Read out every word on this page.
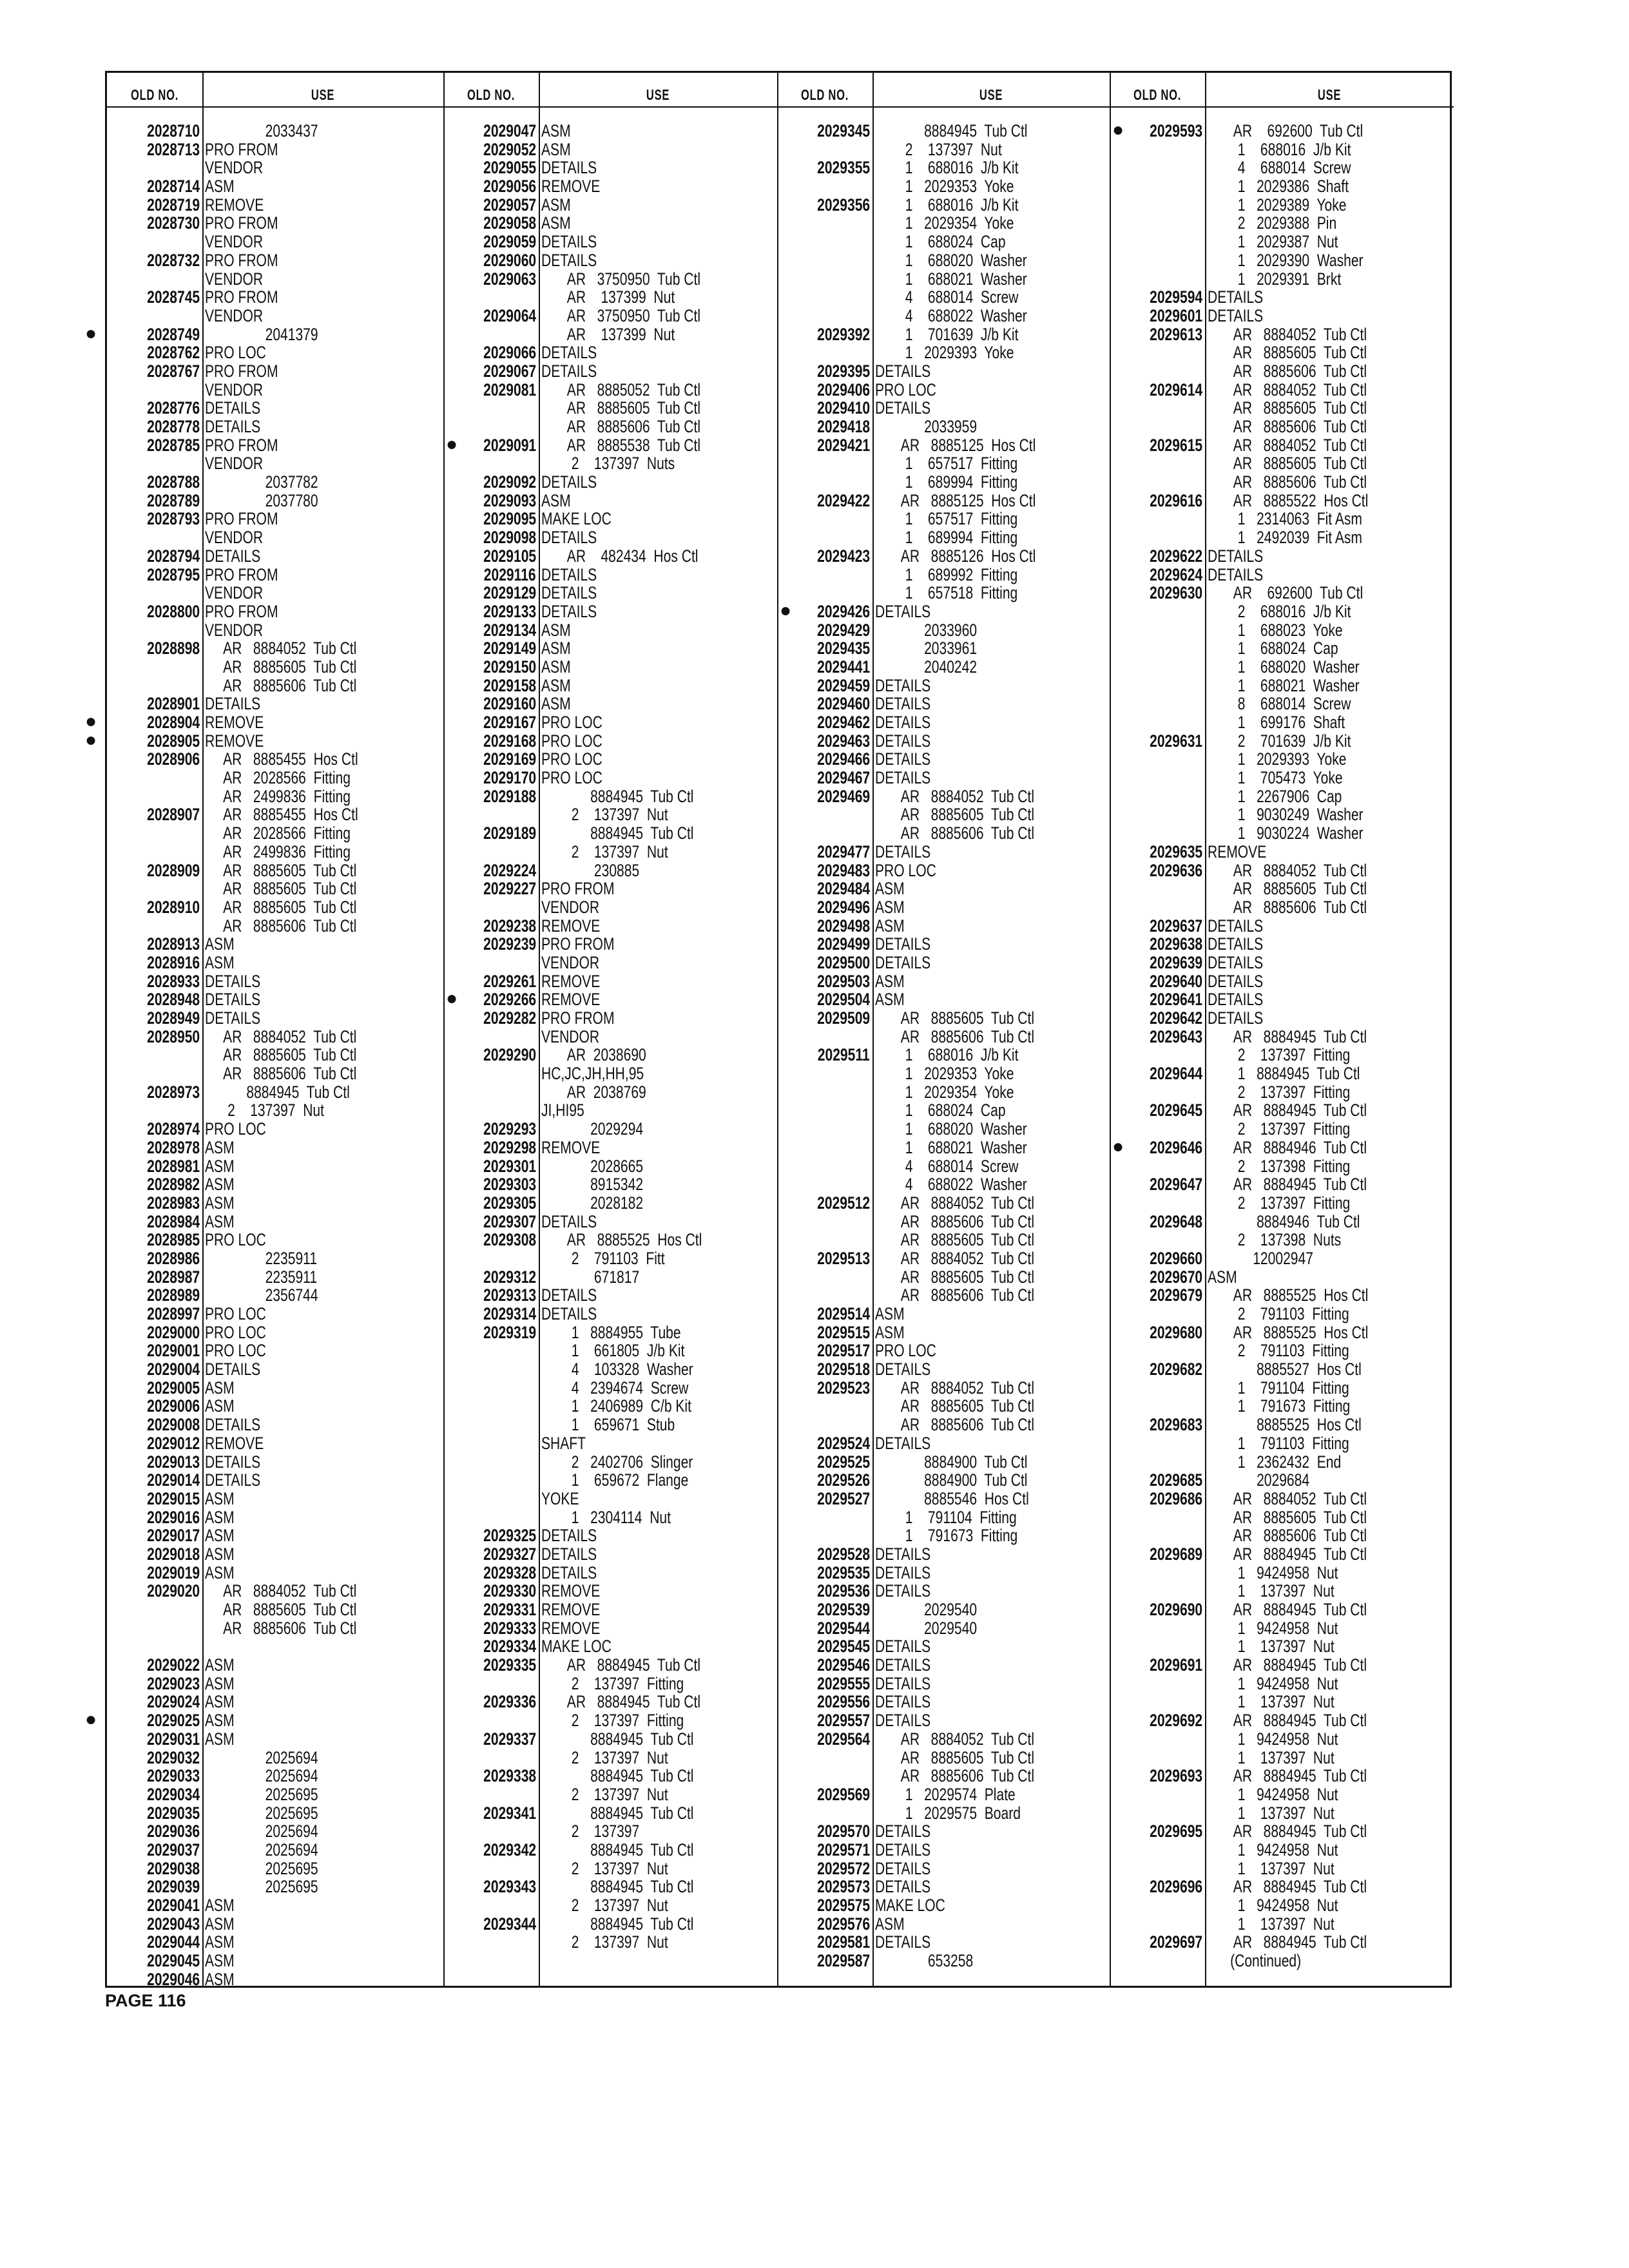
OLD NO.	USE
2028710 2033437
2028713 PRO FROM
VENDOR
2028714 ASM
2028719 REMOVE
2028730 PRO FROM
VENDOR
2028732 PRO FROM
VENDOR
2028745 PRO FROM
VENDOR
●	2028749 2041379
2028762 PRO LOC
2028767 PRO FROM
VENDOR
2028776 DETAILS
2028778 DETAILS
2028785 PRO FROM
VENDOR
2028788 2037782
2028789 2037780
2028793 PRO FROM
VENDOR
2028794 DETAILS
2028795 PRO FROM
VENDOR
2028800 PRO FROM
VENDOR
2028898 AR   8884052  Tub Ctl
AR   8885605  Tub Ctl
AR   8885606  Tub Ctl
2028901 DETAILS
●	2028904 REMOVE
●	2028905 REMOVE
2028906 AR   8885455  Hos Ctl
AR   2028566  Fitting
AR   2499836  Fitting
2028907 AR   8885455  Hos Ctl
AR   2028566  Fitting
AR   2499836  Fitting
2028909 AR   8885605  Tub Ctl
AR   8885605  Tub Ctl
2028910 AR   8885605  Tub Ctl
AR   8885606  Tub Ctl
2028913 ASM
2028916 ASM
2028933 DETAILS
2028948 DETAILS
2028949 DETAILS
2028950 AR   8884052  Tub Ctl
AR   8885605  Tub Ctl
AR   8885606  Tub Ctl
2028973 8884945  Tub Ctl
2    137397  Nut
2028974 PRO LOC
2028978 ASM
2028981 ASM
2028982 ASM
2028983 ASM
2028984 ASM
2028985 PRO LOC
2028986 2235911
2028987 2235911
2028989 2356744
2028997 PRO LOC
2029000 PRO LOC
2029001 PRO LOC
2029004 DETAILS
2029005 ASM
2029006 ASM
2029008 DETAILS
2029012 REMOVE
2029013 DETAILS
2029014 DETAILS
2029015 ASM
2029016 ASM
2029017 ASM
2029018 ASM
2029019 ASM
2029020 AR   8884052  Tub Ctl
AR   8885605  Tub Ctl
AR   8885606  Tub Ctl
2029022 ASM
2029023 ASM
2029024 ASM
●	2029025 ASM
2029031 ASM
2029032 2025694
2029033 2025694
2029034 2025695
2029035 2025695
2029036 2025694
2029037 2025694
2029038 2025695
2029039 2025695
2029041 ASM
2029043 ASM
2029044 ASM
2029045 ASM
2029046 ASM
OLD NO.	USE
2029047 ASM
2029052 ASM
2029055 DETAILS
2029056 REMOVE
2029057 ASM
2029058 ASM
2029059 DETAILS
2029060 DETAILS
2029063 AR   3750950  Tub Ctl
AR    137399  Nut
2029064 AR   3750950  Tub Ctl
AR    137399  Nut
2029066 DETAILS
2029067 DETAILS
2029081 AR   8885052  Tub Ctl
AR   8885605  Tub Ctl
AR   8885606  Tub Ctl
●	2029091 AR   8885538  Tub Ctl
2    137397  Nuts
2029092 DETAILS
2029093 ASM
2029095 MAKE LOC
2029098 DETAILS
2029105 AR    482434  Hos Ctl
2029116 DETAILS
2029129 DETAILS
2029133 DETAILS
2029134 ASM
2029149 ASM
2029150 ASM
2029158 ASM
2029160 ASM
2029167 PRO LOC
2029168 PRO LOC
2029169 PRO LOC
2029170 PRO LOC
2029188 8884945  Tub Ctl
2    137397  Nut
2029189 8884945  Tub Ctl
2    137397  Nut
2029224 230885
2029227 PRO FROM
VENDOR
2029238 REMOVE
2029239 PRO FROM
VENDOR
2029261 REMOVE
●	2029266 REMOVE
2029282 PRO FROM
VENDOR
2029290 AR  2038690
HC,JC,JH,HH,95
AR  2038769
JI,HI95
2029293 2029294
2029298 REMOVE
2029301 2028665
2029303 8915342
2029305 2028182
2029307 DETAILS
2029308 AR   8885525  Hos Ctl
2    791103  Fitt
2029312 671817
2029313 DETAILS
2029314 DETAILS
2029319 1   8884955  Tube
1    661805  J/b Kit
4    103328  Washer
4   2394674  Screw
1   2406989  C/b Kit
1    659671  Stub
SHAFT
2   2402706  Slinger
1    659672  Flange
YOKE
1   2304114  Nut
2029325 DETAILS
2029327 DETAILS
2029328 DETAILS
2029330 REMOVE
2029331 REMOVE
2029333 REMOVE
2029334 MAKE LOC
2029335 AR   8884945  Tub Ctl
2    137397  Fitting
2029336 AR   8884945  Tub Ctl
2    137397  Fitting
2029337 8884945  Tub Ctl
2    137397  Nut
2029338 8884945  Tub Ctl
2    137397  Nut
2029341 8884945  Tub Ctl
2    137397
2029342 8884945  Tub Ctl
2    137397  Nut
2029343 8884945  Tub Ctl
2    137397  Nut
2029344 8884945  Tub Ctl
2    137397  Nut
OLD NO.	USE
2029345 8884945  Tub Ctl
2    137397  Nut
2029355 1    688016  J/b Kit
1   2029353  Yoke
2029356 1    688016  J/b Kit
1   2029354  Yoke
1    688024  Cap
1    688020  Washer
1    688021  Washer
4    688014  Screw
4    688022  Washer
2029392 1    701639  J/b Kit
1   2029393  Yoke
2029395 DETAILS
2029406 PRO LOC
2029410 DETAILS
2029418 2033959
2029421 AR   8885125  Hos Ctl
1    657517  Fitting
1    689994  Fitting
2029422 AR   8885125  Hos Ctl
1    657517  Fitting
1    689994  Fitting
2029423 AR   8885126  Hos Ctl
1    689992  Fitting
1    657518  Fitting
●	2029426 DETAILS
2029429 2033960
2029435 2033961
2029441 2040242
2029459 DETAILS
2029460 DETAILS
2029462 DETAILS
2029463 DETAILS
2029466 DETAILS
2029467 DETAILS
2029469 AR   8884052  Tub Ctl
AR   8885605  Tub Ctl
AR   8885606  Tub Ctl
2029477 DETAILS
2029483 PRO LOC
2029484 ASM
2029496 ASM
2029498 ASM
2029499 DETAILS
2029500 DETAILS
2029503 ASM
2029504 ASM
2029509 AR   8885605  Tub Ctl
AR   8885606  Tub Ctl
2029511 1    688016  J/b Kit
1   2029353  Yoke
1   2029354  Yoke
1    688024  Cap
1    688020  Washer
1    688021  Washer
4    688014  Screw
4    688022  Washer
2029512 AR   8884052  Tub Ctl
AR   8885606  Tub Ctl
AR   8885605  Tub Ctl
2029513 AR   8884052  Tub Ctl
AR   8885605  Tub Ctl
AR   8885606  Tub Ctl
2029514 ASM
2029515 ASM
2029517 PRO LOC
2029518 DETAILS
2029523 AR   8884052  Tub Ctl
AR   8885605  Tub Ctl
AR   8885606  Tub Ctl
2029524 DETAILS
2029525 8884900  Tub Ctl
2029526 8884900  Tub Ctl
2029527 8885546  Hos Ctl
1    791104  Fitting
1    791673  Fitting
2029528 DETAILS
2029535 DETAILS
2029536 DETAILS
2029539 2029540
2029544 2029540
2029545 DETAILS
2029546 DETAILS
2029555 DETAILS
2029556 DETAILS
2029557 DETAILS
2029564 AR   8884052  Tub Ctl
AR   8885605  Tub Ctl
AR   8885606  Tub Ctl
2029569 1   2029574  Plate
1   2029575  Board
2029570 DETAILS
2029571 DETAILS
2029572 DETAILS
2029573 DETAILS
2029575 MAKE LOC
2029576 ASM
2029581 DETAILS
2029587 653258
OLD NO.	USE
●	2029593 AR    692600  Tub Ctl
1    688016  J/b Kit
4    688014  Screw
1   2029386  Shaft
1   2029389  Yoke
2   2029388  Pin
1   2029387  Nut
1   2029390  Washer
1   2029391  Brkt
2029594 DETAILS
2029601 DETAILS
2029613 AR   8884052  Tub Ctl
AR   8885605  Tub Ctl
AR   8885606  Tub Ctl
2029614 AR   8884052  Tub Ctl
AR   8885605  Tub Ctl
AR   8885606  Tub Ctl
2029615 AR   8884052  Tub Ctl
AR   8885605  Tub Ctl
AR   8885606  Tub Ctl
2029616 AR   8885522  Hos Ctl
1   2314063  Fit Asm
1   2492039  Fit Asm
2029622 DETAILS
2029624 DETAILS
2029630 AR    692600  Tub Ctl
2    688016  J/b Kit
1    688023  Yoke
1    688024  Cap
1    688020  Washer
1    688021  Washer
8    688014  Screw
1    699176  Shaft
2029631 2    701639  J/b Kit
1   2029393  Yoke
1    705473  Yoke
1   2267906  Cap
1   9030249  Washer
1   9030224  Washer
2029635 REMOVE
2029636 AR   8884052  Tub Ctl
AR   8885605  Tub Ctl
AR   8885606  Tub Ctl
2029637 DETAILS
2029638 DETAILS
2029639 DETAILS
2029640 DETAILS
2029641 DETAILS
2029642 DETAILS
2029643 AR   8884945  Tub Ctl
2    137397  Fitting
2029644 1   8884945  Tub Ctl
2    137397  Fitting
2029645 AR   8884945  Tub Ctl
2    137397  Fitting
●	2029646 AR   8884946  Tub Ctl
2    137398  Fitting
2029647 AR   8884945  Tub Ctl
2    137397  Fitting
2029648 8884946  Tub Ctl
2    137398  Nuts
2029660 12002947
2029670 ASM
2029679 AR   8885525  Hos Ctl
2    791103  Fitting
2029680 AR   8885525  Hos Ctl
2    791103  Fitting
2029682 8885527  Hos Ctl
1    791104  Fitting
1    791673  Fitting
2029683 8885525  Hos Ctl
1    791103  Fitting
1   2362432  End
2029685 2029684
2029686 AR   8884052  Tub Ctl
AR   8885605  Tub Ctl
AR   8885606  Tub Ctl
2029689 AR   8884945  Tub Ctl
1   9424958  Nut
1    137397  Nut
2029690 AR   8884945  Tub Ctl
1   9424958  Nut
1    137397  Nut
2029691 AR   8884945  Tub Ctl
1   9424958  Nut
1    137397  Nut
2029692 AR   8884945  Tub Ctl
1   9424958  Nut
1    137397  Nut
2029693 AR   8884945  Tub Ctl
1   9424958  Nut
1    137397  Nut
2029695 AR   8884945  Tub Ctl
1   9424958  Nut
1    137397  Nut
2029696 AR   8884945  Tub Ctl
1   9424958  Nut
1    137397  Nut
2029697 AR   8884945  Tub Ctl
(Continued)
PAGE 116
